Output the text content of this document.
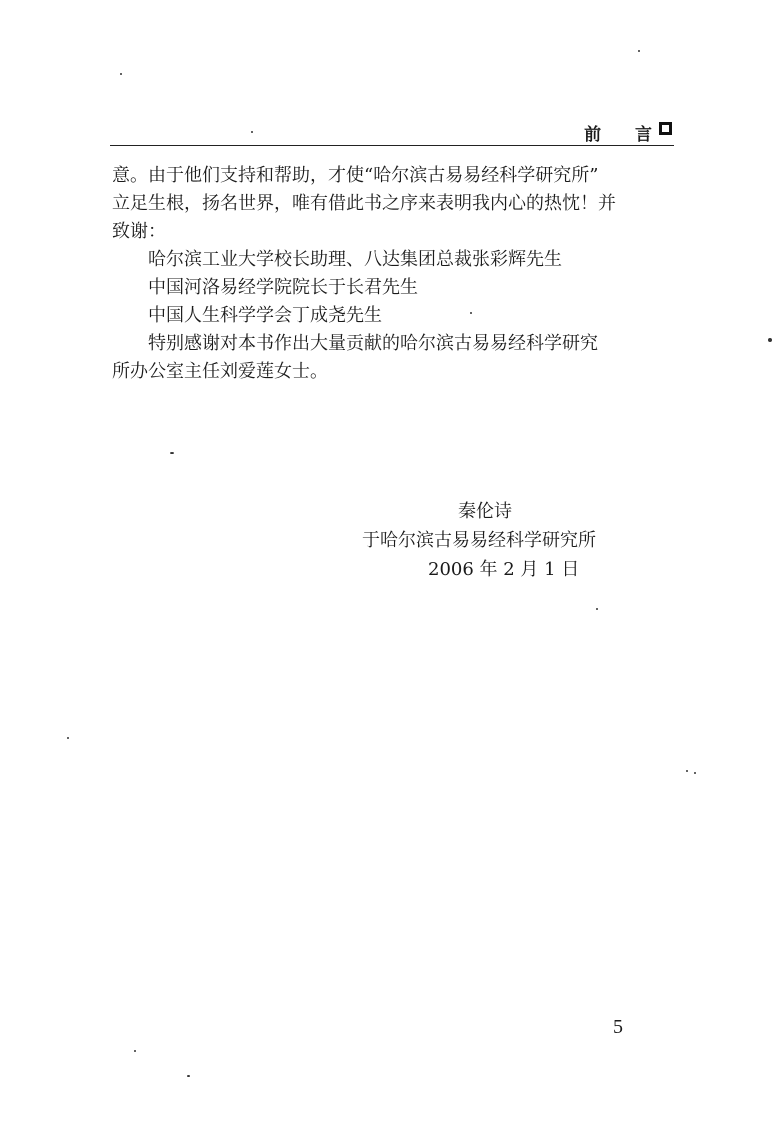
前 言

意。由于他们支持和帮助，才使“哈尔滨古易易经科学研究所”
立足生根，扬名世界，唯有借此书之序来表明我内心的热忱！并
致谢：

哈尔滨工业大学校长助理、八达集团总裁张彩辉先生

中国河洛易经学院院长于长君先生

中国人生科学学会丁成尧先生

特别感谢对本书作出大量贡献的哈尔滨古易易经科学研究
所办公室主任刘爱莲女士。

秦伦诗
于哈尔滨古易易经科学研究所
2006 年 2 月 1 日
5
